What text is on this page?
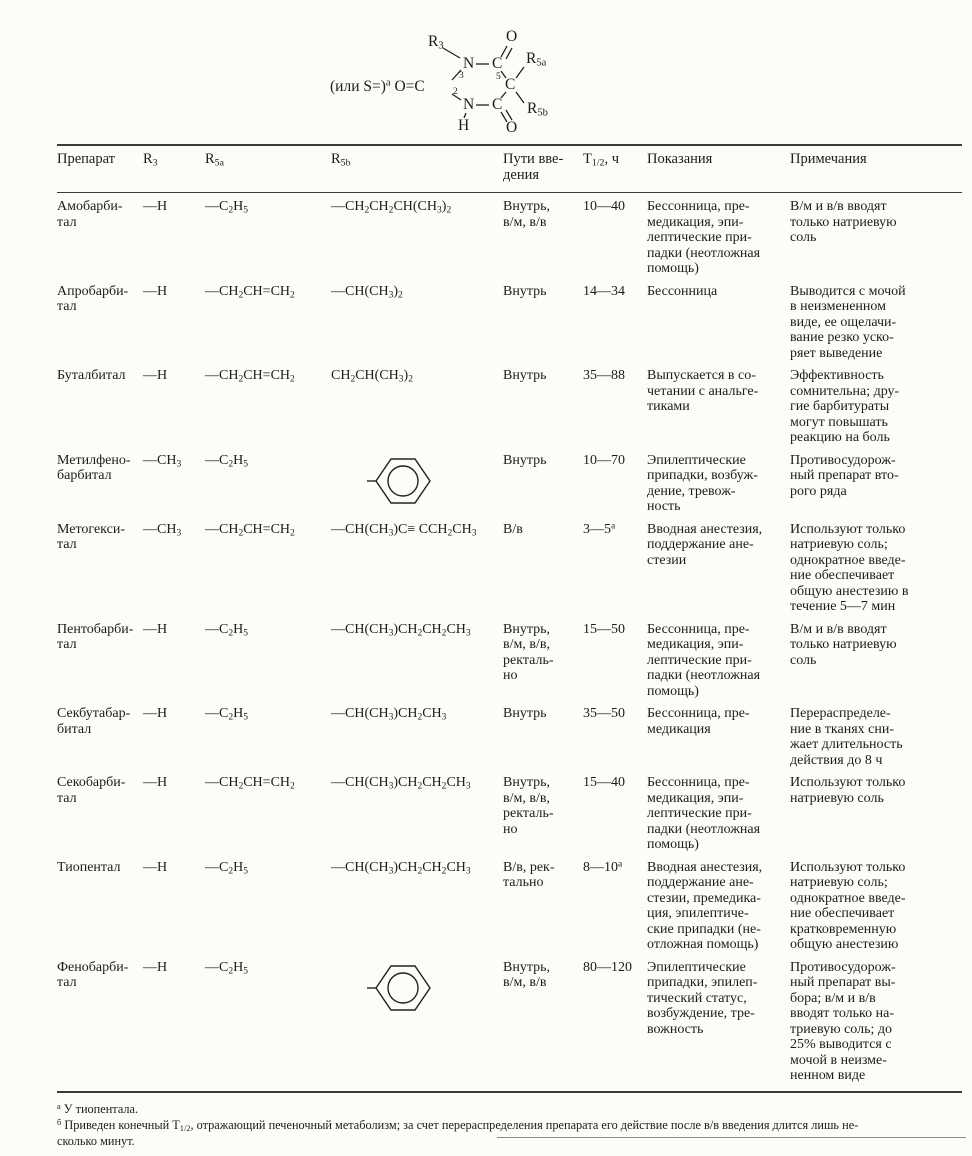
(или S=)$^а$ O=C	2
$R_3$
N
3
C
O
$R_{5a}$
5 C
N C
O
$R_{5b}$
H
Препарат	$R_3$	$R_{5a}$	$R_{5b}$	Пути вве-
дения	$T_{1/2}$, ч	Показания	Примечания
Амобарби-
тал	—H	$—C_2H_5$	$—CH_2CH_2CH(CH_3)_2$	Внутрь,
в/м, в/в	10—40	Бессонница, пре-
медикация, эпи-
лептические при-
падки (неотложная
помощь)	В/м и в/в вводят
только натриевую
соль
Апробарби-
тал	—H	$—CH_2CH=CH_2$	$—CH(CH_3)_2$	Внутрь	14—34	Бессонница	Выводится с мочой
в неизмененном
виде, ее ощелачи-
вание резко уско-
ряет выведение
Буталбитал	—H	$—CH_2CH=CH_2$	$CH_2CH(CH_3)_2$	Внутрь	35—88	Выпускается в со-
четании с анальге-
тиками	Эффективность
сомнительна; дру-
гие барбитураты
могут повышать
реакцию на боль
Метилфено-
барбитал	$—CH_3$	$—C_2H_5$		Внутрь	10—70	Эпилептические
припадки, возбуж-
дение, тревож-
ность	Противосудорож-
ный препарат вто-
рого ряда
Метогекси-
тал	$—CH_3$	$—CH_2CH=CH_2$	$—CH(CH_3)C\equiv CCH_2CH_3$	В/в	$3—5^а$	Вводная анестезия,
поддержание ане-
стезии	Используют только
натриевую соль;
однократное введе-
ние обеспечивает
общую анестезию в
течение 5—7 мин
Пентобарби-
тал	—H	$—C_2H_5$	$—CH(CH_3)CH_2CH_2CH_3$	Внутрь,
в/м, в/в,
ректаль-
но	15—50	Бессонница, пре-
медикация, эпи-
лептические при-
падки (неотложная
помощь)	В/м и в/в вводят
только натриевую
соль
Секбутабар-
битал	—H	$—C_2H_5$	$—CH(CH_3)CH_2CH_3$	Внутрь	35—50	Бессонница, пре-
медикация	Перераспределе-
ние в тканях сни-
жает длительность
действия до 8 ч
Секобарби-
тал	—H	$—CH_2CH=CH_2$	$—CH(CH_3)CH_2CH_2CH_3$	Внутрь,
в/м, в/в,
ректаль-
но	15—40	Бессонница, пре-
медикация, эпи-
лептические при-
падки (неотложная
помощь)	Используют только
натриевую соль
Тиопентал	—H	$—C_2H_5$	$—CH(CH_3)CH_2CH_2CH_3$	В/в, рек-
тально	$8—10^а$	Вводная анестезия,
поддержание ане-
стезии, премедика-
ция, эпилептиче-
ские припадки (не-
отложная помощь)	Используют только
натриевую соль;
однократное введе-
ние обеспечивает
кратковременную
общую анестезию
Фенобарби-
тал	—H	$—C_2H_5$		Внутрь,
в/м, в/в	80—120	Эпилептические
припадки, эпилеп-
тический статус,
возбуждение, тре-
вожность	Противосудорож-
ный препарат вы-
бора; в/м и в/в
вводят только на-
триевую соль; до
25% выводится с
мочой в неизме-
ненном виде
$^а$ У тиопентала.
$^б$ Приведен конечный $T_{1/2}$, отражающий печеночный метаболизм; за счет перераспределения препарата его действие после в/в введения длится лишь не-
сколько минут.
